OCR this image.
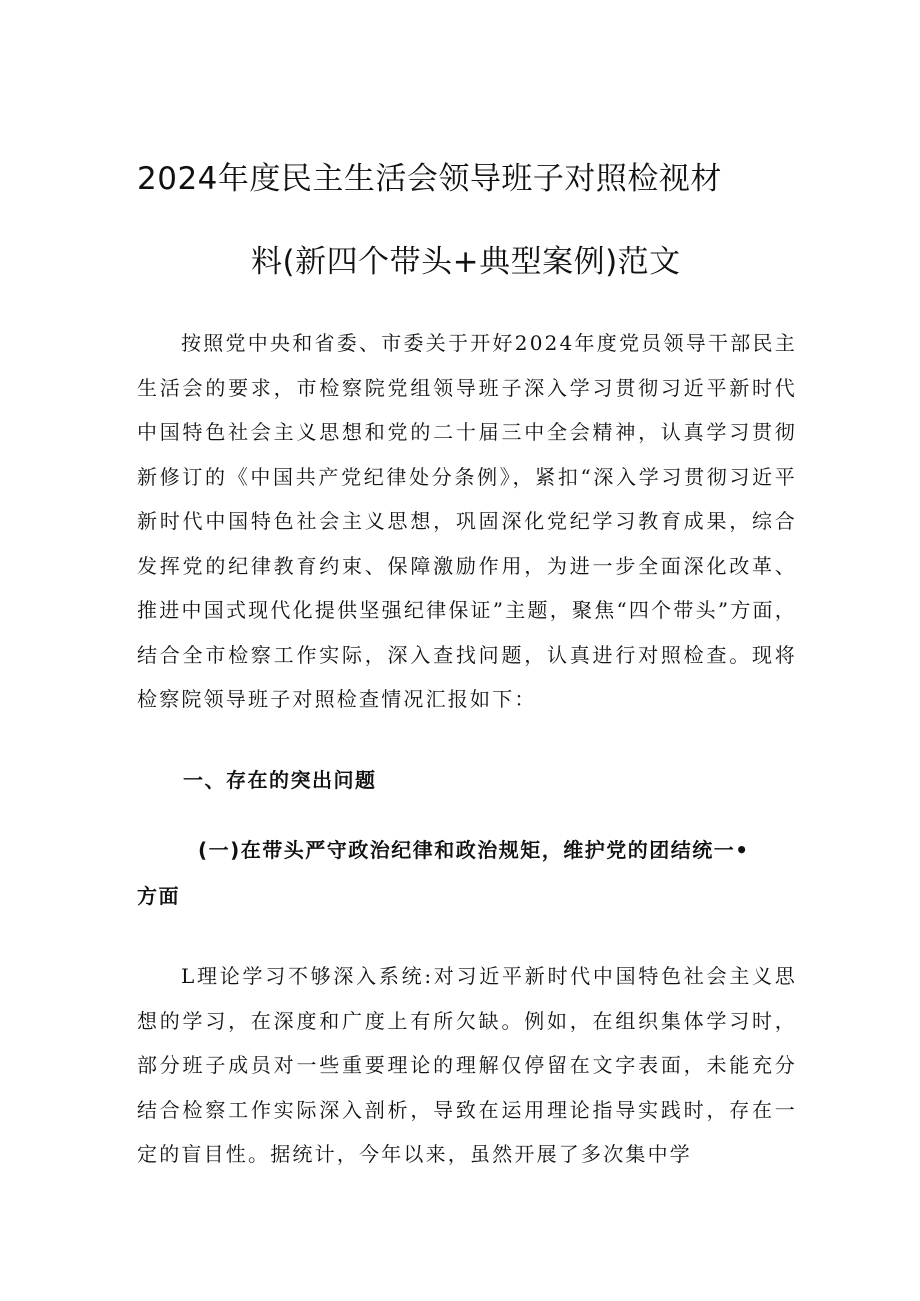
2024年度民主生活会领导班子对照检视材
料(新四个带头+典型案例)范文

按照党中央和省委、市委关于开好2024年度党员领导干部民主生活会的要求，市检察院党组领导班子深入学习贯彻习近平新时代中国特色社会主义思想和党的二十届三中全会精神，认真学习贯彻新修订的《中国共产党纪律处分条例》，紧扣“深入学习贯彻习近平新时代中国特色社会主义思想，巩固深化党纪学习教育成果，综合发挥党的纪律教育约束、保障激励作用，为进一步全面深化改革、推进中国式现代化提供坚强纪律保证”主题，聚焦“四个带头”方面，结合全市检察工作实际，深入查找问题，认真进行对照检查。现将检察院领导班子对照检查情况汇报如下：

一、存在的突出问题
(一)在带头严守政治纪律和政治规矩，维护党的团结统一•
方面

L理论学习不够深入系统:对习近平新时代中国特色社会主义思想的学习，在深度和广度上有所欠缺。例如，在组织集体学习时，部分班子成员对一些重要理论的理解仅停留在文字表面，未能充分结合检察工作实际深入剖析，导致在运用理论指导实践时，存在一定的盲目性。据统计，今年以来，虽然开展了多次集中学
